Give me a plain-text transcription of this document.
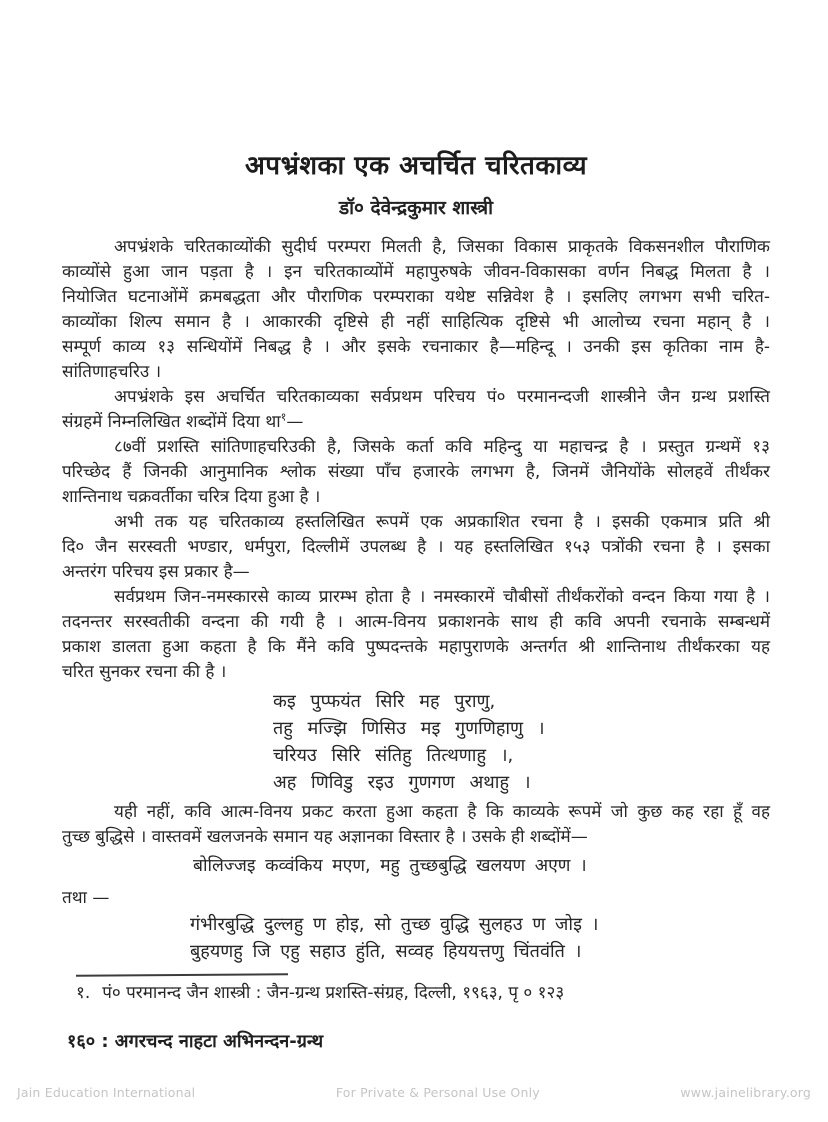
अपभ्रंशका एक अचर्चित चरितकाव्य
डॉ० देवेन्द्रकुमार शास्त्री
अपभ्रंशके चरितकाव्योंकी सुदीर्घ परम्परा मिलती है, जिसका विकास प्राकृतके विकसनशील पौराणिक
काव्योंसे हुआ जान पड़ता है । इन चरितकाव्योंमें महापुरुषके जीवन-विकासका वर्णन निबद्ध मिलता है ।
नियोजित घटनाओंमें क्रमबद्धता और पौराणिक परम्पराका यथेष्ट सन्निवेश है । इसलिए लगभग सभी चरित-
काव्योंका शिल्प समान है । आकारकी दृष्टिसे ही नहीं साहित्यिक दृष्टिसे भी आलोच्य रचना महान् है ।
सम्पूर्ण काव्य १३ सन्धियोंमें निबद्ध है । और इसके रचनाकार है—महिन्दू । उनकी इस कृतिका नाम है-
सांतिणाहचरिउ ।
अपभ्रंशके इस अचर्चित चरितकाव्यका सर्वप्रथम परिचय पं० परमानन्दजी शास्त्रीने जैन ग्रन्थ प्रशस्ति
संग्रहमें निम्नलिखित शब्दोंमें दिया था$^१$—
८७वीं प्रशस्ति सांतिणाहचरिउकी है, जिसके कर्ता कवि महिन्दु या महाचन्द्र है । प्रस्तुत ग्रन्थमें १३
परिच्छेद हैं जिनकी आनुमानिक श्लोक संख्या पाँच हजारके लगभग है, जिनमें जैनियोंके सोलहवें तीर्थंकर
शान्तिनाथ चक्रवर्तीका चरित्र दिया हुआ है ।
अभी तक यह चरितकाव्य हस्तलिखित रूपमें एक अप्रकाशित रचना है । इसकी एकमात्र प्रति श्री
दि० जैन सरस्वती भण्डार, धर्मपुरा, दिल्लीमें उपलब्ध है । यह हस्तलिखित १५३ पत्रोंकी रचना है । इसका
अन्तरंग परिचय इस प्रकार है—
सर्वप्रथम जिन-नमस्कारसे काव्य प्रारम्भ होता है । नमस्कारमें चौबीसों तीर्थंकरोंको वन्दन किया गया है ।
तदनन्तर सरस्वतीकी वन्दना की गयी है । आत्म-विनय प्रकाशनके साथ ही कवि अपनी रचनाके सम्बन्धमें
प्रकाश डालता हुआ कहता है कि मैंने कवि पुष्पदन्तके महापुराणके अन्तर्गत श्री शान्तिनाथ तीर्थंकरका यह
चरित सुनकर रचना की है ।
कइ पुप्फयंत सिरि मह पुराणु,
तहु मज्झि णिसिउ मइ गुणणिहाणु ।
चरियउ सिरि संतिहु तित्थणाहु ।,
अह णिविडु रइउ गुणगण अथाहु ।
यही नहीं, कवि आत्म-विनय प्रकट करता हुआ कहता है कि काव्यके रूपमें जो कुछ कह रहा हूँ वह
तुच्छ बुद्धिसे । वास्तवमें खलजनके समान यह अज्ञानका विस्तार है । उसके ही शब्दोंमें—
बोलिज्जइ कव्वंकिय मएण, महु तुच्छबुद्धि खलयण अएण ।
तथा —
गंभीरबुद्धि दुल्लहु ण होइ, सो तुच्छ वुद्धि सुलहउ ण जोइ ।
बुहयणहु जि एहु सहाउ हुंति, सव्वह हिययत्तणु चिंतवंति ।
१. पं० परमानन्द जैन शास्त्री : जैन-ग्रन्थ प्रशस्ति-संग्रह, दिल्ली, १९६३, पृ ० १२३
१६० : अगरचन्द नाहटा अभिनन्दन-ग्रन्थ
Jain Education International	For Private & Personal Use Only	www.jainelibrary.org
